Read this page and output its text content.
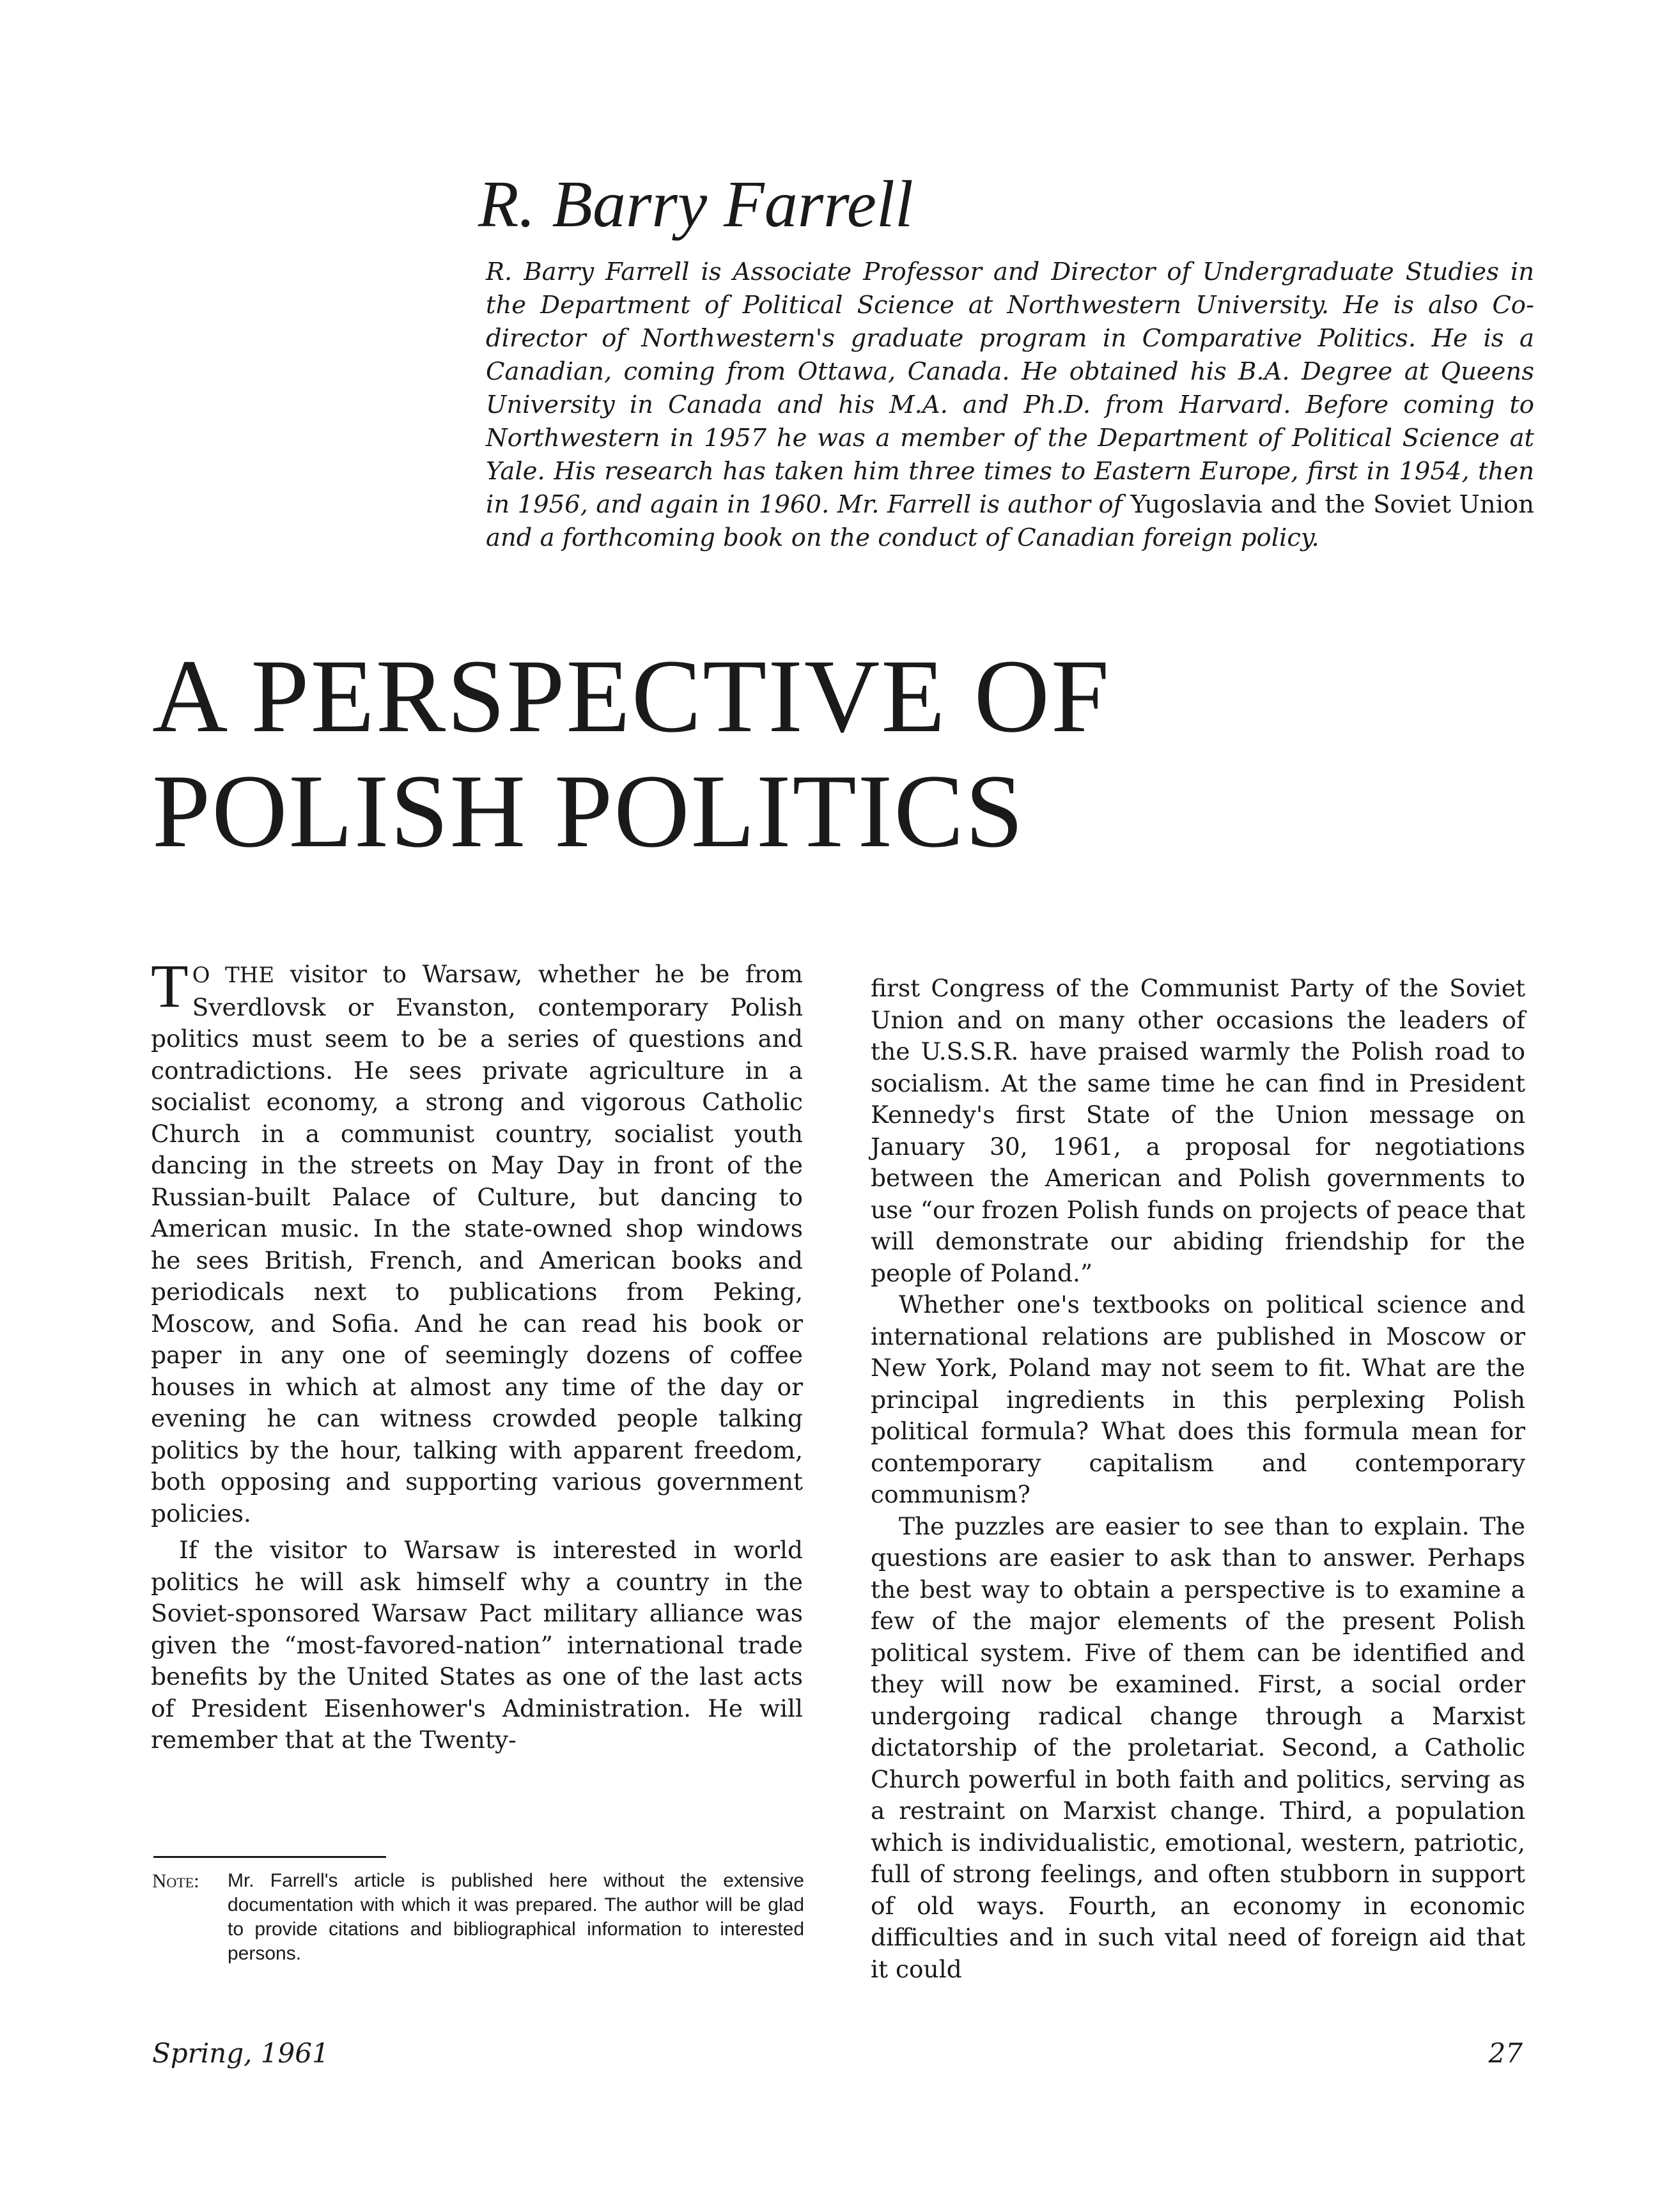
R. Barry Farrell

R. Barry Farrell is Associate Professor and Director of Undergraduate Studies in the Department of Political Science at Northwestern University. He is also Co-director of Northwestern's graduate program in Comparative Politics. He is a Canadian, coming from Ottawa, Canada. He obtained his B.A. Degree at Queens University in Canada and his M.A. and Ph.D. from Harvard. Before coming to Northwestern in 1957 he was a member of the Department of Political Science at Yale. His research has taken him three times to Eastern Europe, first in 1954, then in 1956, and again in 1960. Mr. Farrell is author of Yugoslavia and the Soviet Union and a forthcoming book on the conduct of Canadian foreign policy.

A PERSPECTIVE OF
POLISH POLITICS

T O THE visitor to Warsaw, whether he be from Sverdlovsk or Evanston, contemporary Polish politics must seem to be a series of questions and contradictions. He sees private agriculture in a socialist economy, a strong and vigorous Catholic Church in a communist country, socialist youth dancing in the streets on May Day in front of the Russian-built Palace of Culture, but dancing to American music. In the state-owned shop windows he sees British, French, and American books and periodicals next to publications from Peking, Moscow, and Sofia. And he can read his book or paper in any one of seemingly dozens of coffee houses in which at almost any time of the day or evening he can witness crowded people talking politics by the hour, talking with apparent freedom, both opposing and supporting various government policies.

If the visitor to Warsaw is interested in world politics he will ask himself why a country in the Soviet-sponsored Warsaw Pact military alliance was given the “most-favored-nation” international trade benefits by the United States as one of the last acts of President Eisenhower's Administration. He will remember that at the Twenty-

first Congress of the Communist Party of the Soviet Union and on many other occasions the leaders of the U.S.S.R. have praised warmly the Polish road to socialism. At the same time he can find in President Kennedy's first State of the Union message on January 30, 1961, a proposal for negotiations between the American and Polish governments to use “our frozen Polish funds on projects of peace that will demonstrate our abiding friendship for the people of Poland.”

Whether one's textbooks on political science and international relations are published in Moscow or New York, Poland may not seem to fit. What are the principal ingredients in this perplexing Polish political formula? What does this formula mean for contemporary capitalism and contemporary communism?

The puzzles are easier to see than to explain. The questions are easier to ask than to answer. Perhaps the best way to obtain a perspective is to examine a few of the major elements of the present Polish political system. Five of them can be identified and they will now be examined. First, a social order undergoing radical change through a Marxist dictatorship of the proletariat. Second, a Catholic Church powerful in both faith and politics, serving as a restraint on Marxist change. Third, a population which is individualistic, emotional, western, patriotic, full of strong feelings, and often stubborn in support of old ways. Fourth, an economy in economic difficulties and in such vital need of foreign aid that it could

Note: Mr. Farrell's article is published here without the extensive documentation with which it was prepared. The author will be glad to provide citations and bibliographical information to interested persons.
Spring, 1961	27
